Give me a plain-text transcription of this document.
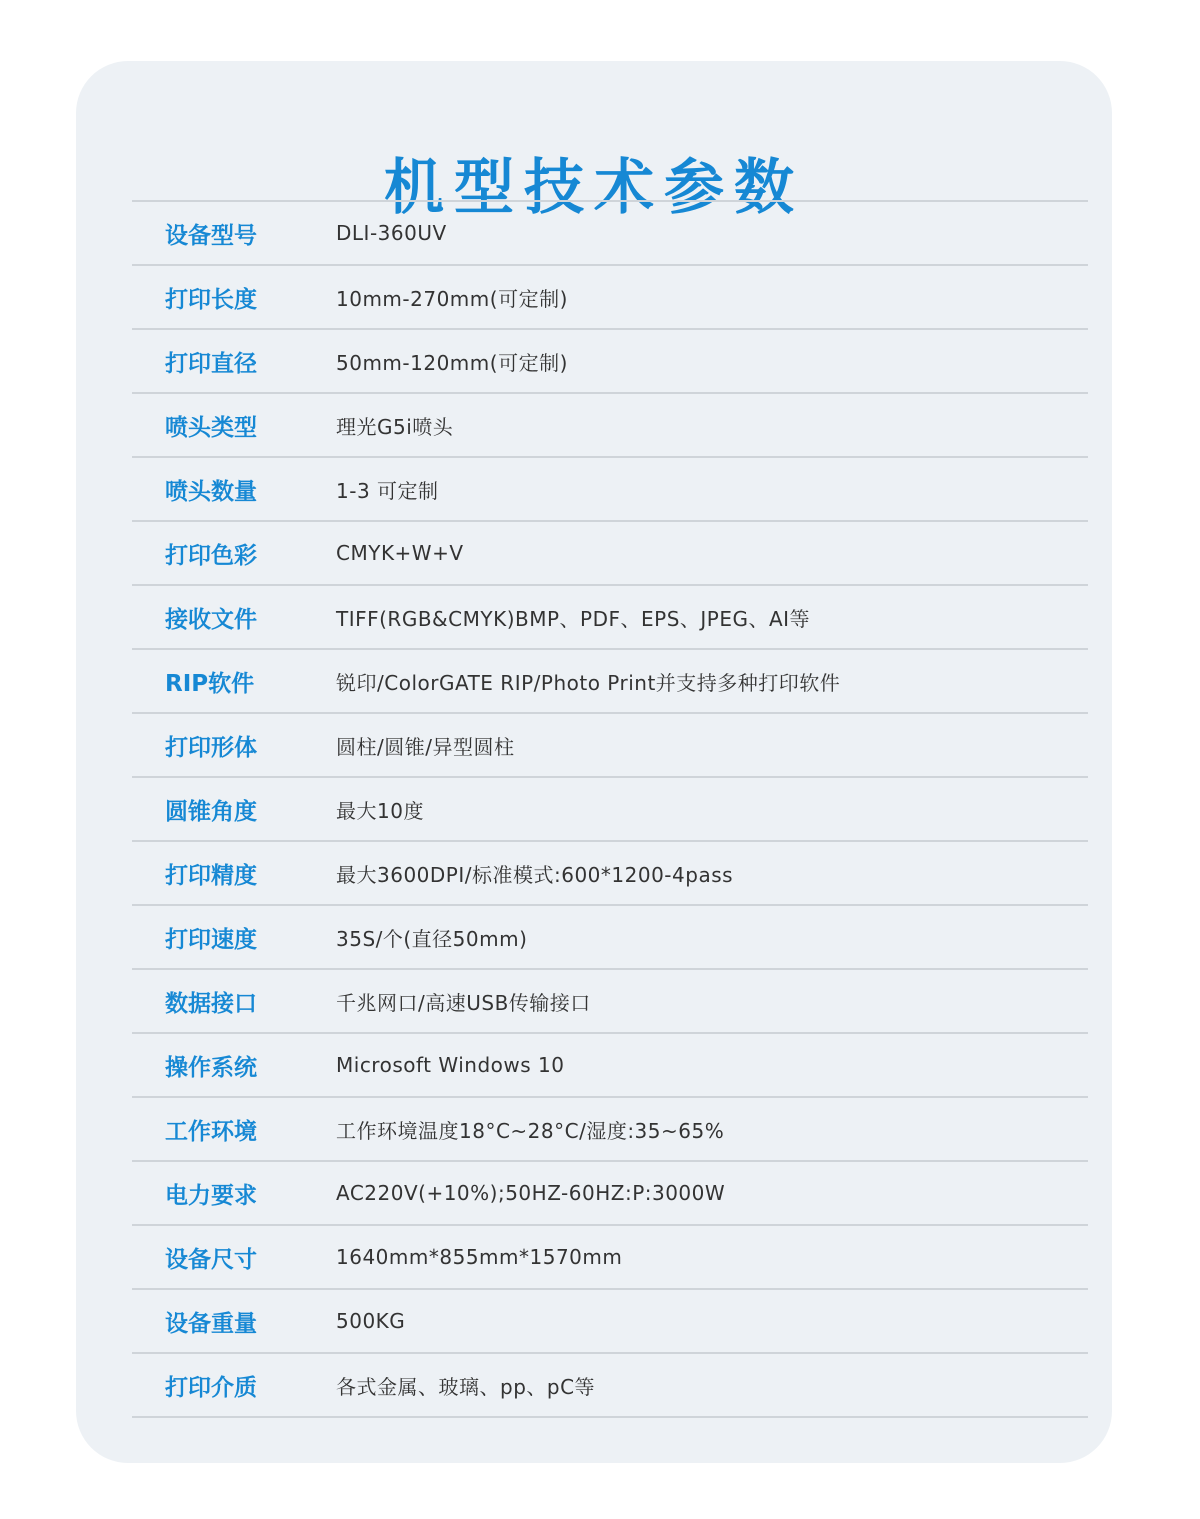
机型技术参数
设备型号	DLI-360UV
打印长度	10mm-270mm(可定制)
打印直径	50mm-120mm(可定制)
喷头类型	理光G5i喷头
喷头数量	1-3 可定制
打印色彩	CMYK+W+V
接收文件	TIFF(RGB&CMYK)BMP、PDF、EPS、JPEG、AI等
RIP软件	锐印/ColorGATE RIP/Photo Print并支持多种打印软件
打印形体	圆柱/圆锥/异型圆柱
圆锥角度	最大10度
打印精度	最大3600DPI/标准模式:600*1200-4pass
打印速度	35S/个(直径50mm)
数据接口	千兆网口/高速USB传输接口
操作系统	Microsoft Windows 10
工作环境	工作环境温度18°C~28°C/湿度:35~65%
电力要求	AC220V(+10%);50HZ-60HZ:P:3000W
设备尺寸	1640mm*855mm*1570mm
设备重量	500KG
打印介质	各式金属、玻璃、pp、pC等
